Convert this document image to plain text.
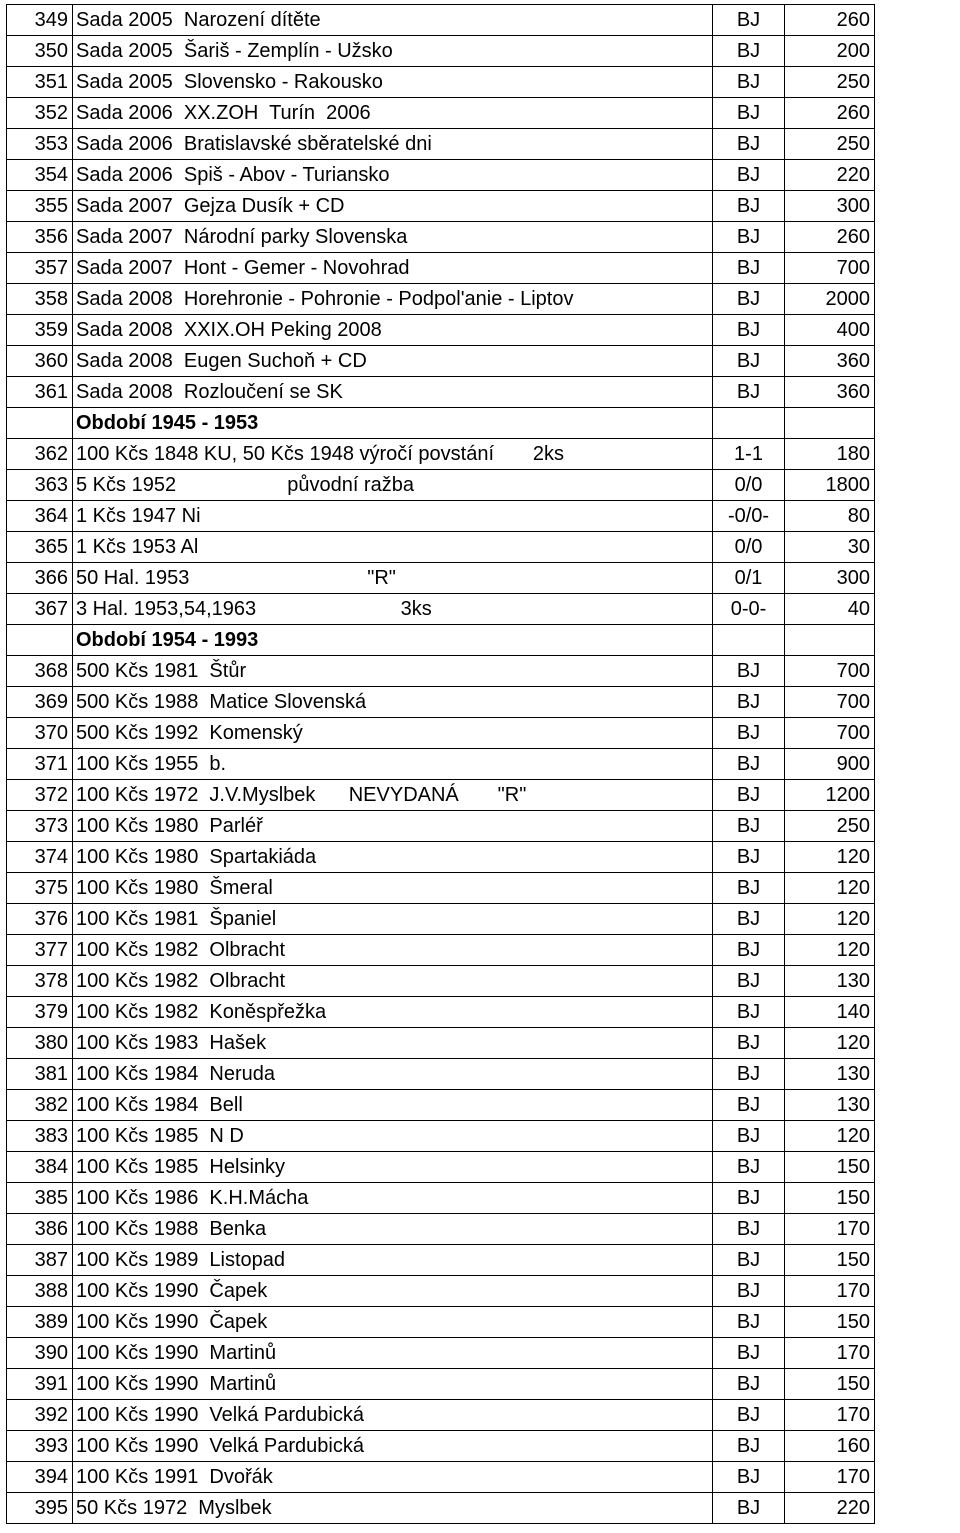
349	Sada 2005  Narození dítěte	BJ	260
350	Sada 2005  Šariš - Zemplín - Užsko	BJ	200
351	Sada 2005  Slovensko - Rakousko	BJ	250
352	Sada 2006  XX.ZOH  Turín  2006	BJ	260
353	Sada 2006  Bratislavské sběratelské dni	BJ	250
354	Sada 2006  Spiš - Abov - Turiansko	BJ	220
355	Sada 2007  Gejza Dusík + CD	BJ	300
356	Sada 2007  Národní parky Slovenska	BJ	260
357	Sada 2007  Hont - Gemer - Novohrad	BJ	700
358	Sada 2008  Horehronie - Pohronie - Podpol'anie - Liptov	BJ	2000
359	Sada 2008  XXIX.OH Peking 2008	BJ	400
360	Sada 2008  Eugen Suchoň + CD	BJ	360
361	Sada 2008  Rozloučení se SK	BJ	360
	Období 1945 - 1953		
362	100 Kčs 1848 KU, 50 Kčs 1948 výročí povstání       2ks	1-1	180
363	5 Kčs 1952                    původní ražba	0/0	1800
364	1 Kčs 1947 Ni	-0/0-	80
365	1 Kčs 1953 Al	0/0	30
366	50 Hal. 1953                                "R"	0/1	300
367	3 Hal. 1953,54,1963                          3ks	0-0-	40
	Období 1954 - 1993		
368	500 Kčs 1981  Štůr	BJ	700
369	500 Kčs 1988  Matice Slovenská	BJ	700
370	500 Kčs 1992  Komenský	BJ	700
371	100 Kčs 1955  b.	BJ	900
372	100 Kčs 1972  J.V.Myslbek      NEVYDANÁ       "R"	BJ	1200
373	100 Kčs 1980  Parléř	BJ	250
374	100 Kčs 1980  Spartakiáda	BJ	120
375	100 Kčs 1980  Šmeral	BJ	120
376	100 Kčs 1981  Španiel	BJ	120
377	100 Kčs 1982  Olbracht	BJ	120
378	100 Kčs 1982  Olbracht	BJ	130
379	100 Kčs 1982  Koněspřežka	BJ	140
380	100 Kčs 1983  Hašek	BJ	120
381	100 Kčs 1984  Neruda	BJ	130
382	100 Kčs 1984  Bell	BJ	130
383	100 Kčs 1985  N D	BJ	120
384	100 Kčs 1985  Helsinky	BJ	150
385	100 Kčs 1986  K.H.Mácha	BJ	150
386	100 Kčs 1988  Benka	BJ	170
387	100 Kčs 1989  Listopad	BJ	150
388	100 Kčs 1990  Čapek	BJ	170
389	100 Kčs 1990  Čapek	BJ	150
390	100 Kčs 1990  Martinů	BJ	170
391	100 Kčs 1990  Martinů	BJ	150
392	100 Kčs 1990  Velká Pardubická	BJ	170
393	100 Kčs 1990  Velká Pardubická	BJ	160
394	100 Kčs 1991  Dvořák	BJ	170
395	50 Kčs 1972  Myslbek	BJ	220
